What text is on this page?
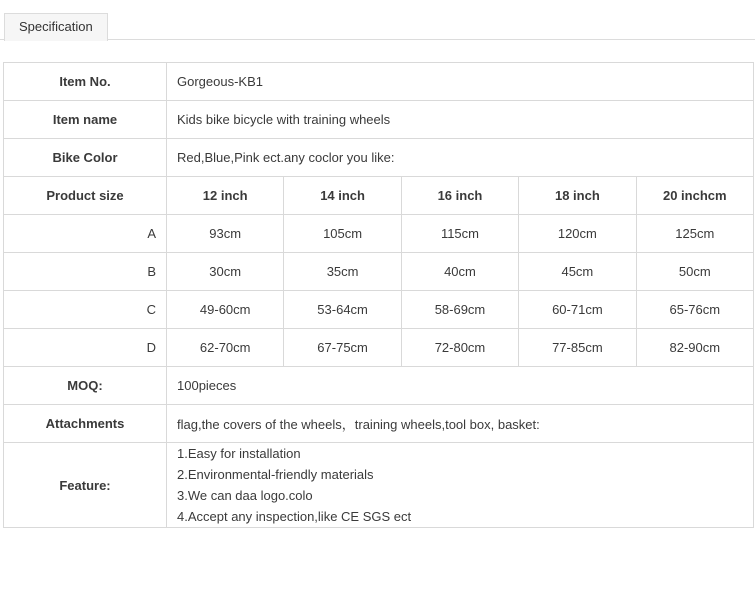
Specification
Item No.	Gorgeous-KB1				
Item name	Kids bike bicycle with training wheels				
Bike Color	Red,Blue,Pink ect.any coclor you like:				
Product size	12 inch	14 inch	16 inch	18 inch	20 inchcm
A	93cm	105cm	115cm	120cm	125cm
B	30cm	35cm	40cm	45cm	50cm
C	49-60cm	53-64cm	58-69cm	60-71cm	65-76cm
D	62-70cm	67-75cm	72-80cm	77-85cm	82-90cm
MOQ:	100pieces				
Attachments	flag,the covers of the wheels，training wheels,tool box, basket:				
Feature:	1.Easy for installation
2.Environmental-friendly materials
3.We can daa logo.colo
4.Accept any inspection,like CE SGS ect				
